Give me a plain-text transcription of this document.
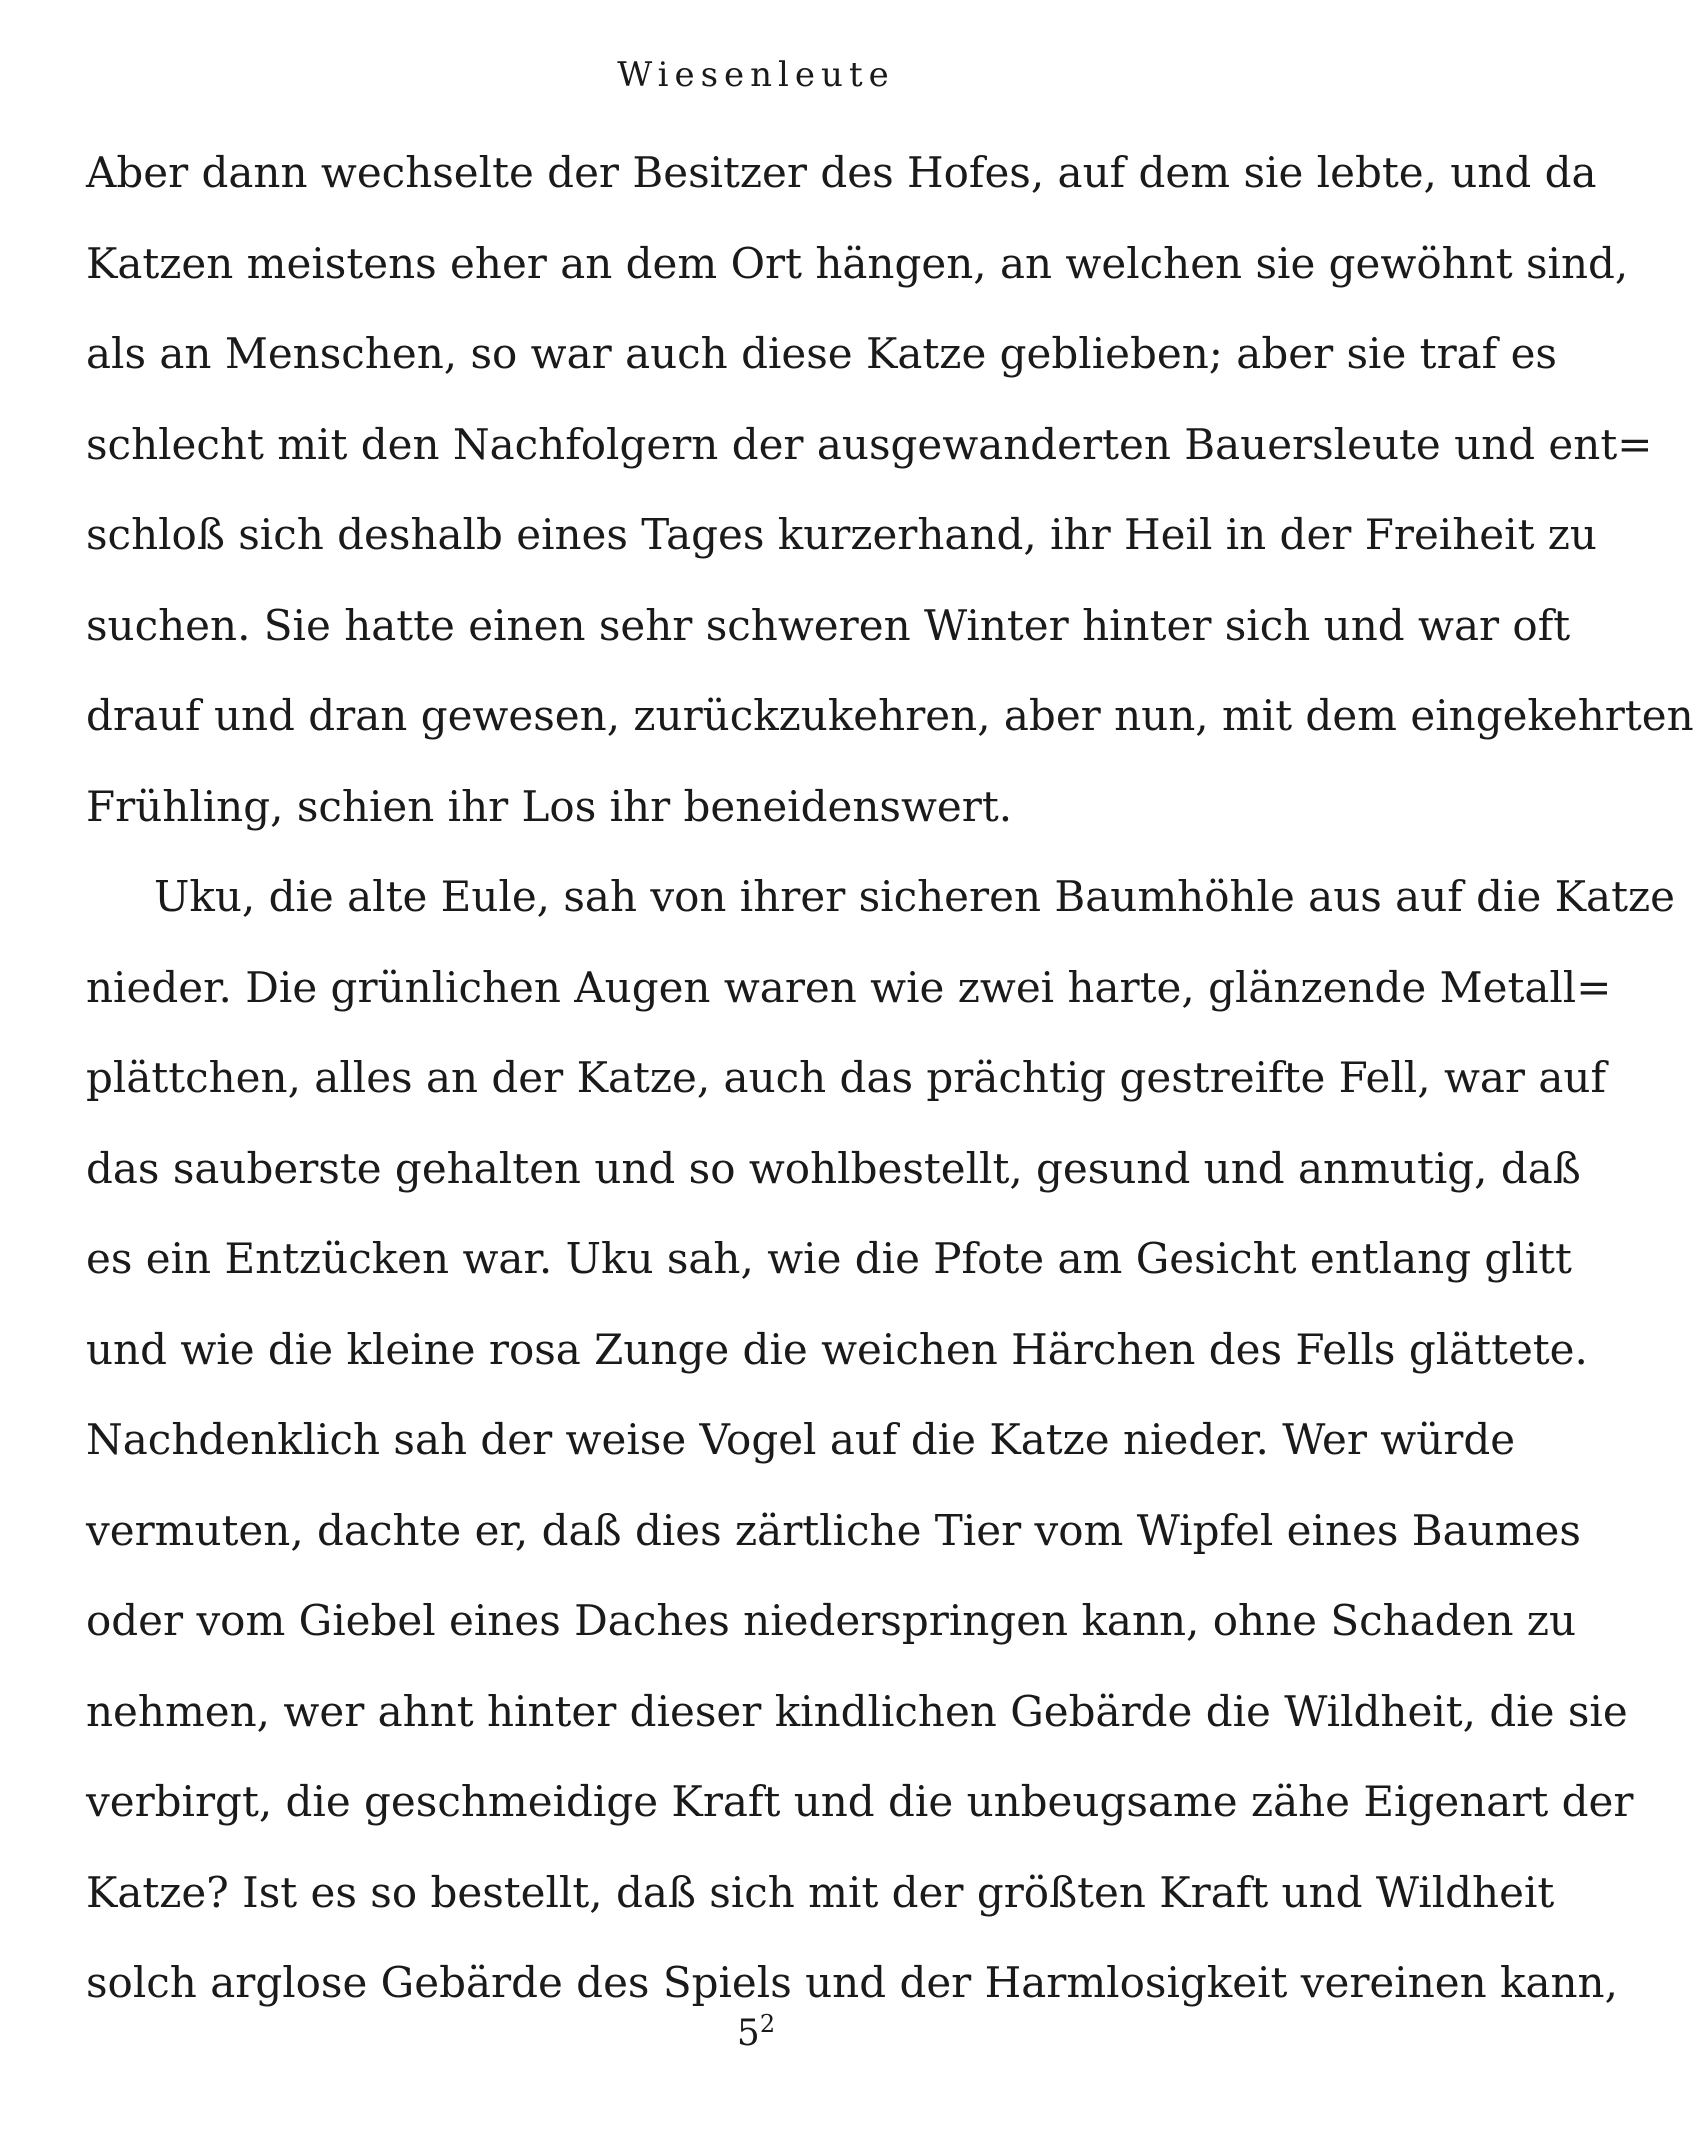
Wiesenleute
Aber dann wechselte der Besitzer des Hofes, auf dem sie lebte, und da
Katzen meistens eher an dem Ort hängen, an welchen sie gewöhnt sind,
als an Menschen, so war auch diese Katze geblieben; aber sie traf es
schlecht mit den Nachfolgern der ausgewanderten Bauersleute und ent=
schloß sich deshalb eines Tages kurzerhand, ihr Heil in der Freiheit zu
suchen. Sie hatte einen sehr schweren Winter hinter sich und war oft
drauf und dran gewesen, zurückzukehren, aber nun, mit dem eingekehrten
Frühling, schien ihr Los ihr beneidenswert.
Uku, die alte Eule, sah von ihrer sicheren Baumhöhle aus auf die Katze
nieder. Die grünlichen Augen waren wie zwei harte, glänzende Metall=
plättchen, alles an der Katze, auch das prächtig gestreifte Fell, war auf
das sauberste gehalten und so wohlbestellt, gesund und anmutig, daß
es ein Entzücken war. Uku sah, wie die Pfote am Gesicht entlang glitt
und wie die kleine rosa Zunge die weichen Härchen des Fells glättete.
Nachdenklich sah der weise Vogel auf die Katze nieder. Wer würde
vermuten, dachte er, daß dies zärtliche Tier vom Wipfel eines Baumes
oder vom Giebel eines Daches niederspringen kann, ohne Schaden zu
nehmen, wer ahnt hinter dieser kindlichen Gebärde die Wildheit, die sie
verbirgt, die geschmeidige Kraft und die unbeugsame zähe Eigenart der
Katze? Ist es so bestellt, daß sich mit der größten Kraft und Wildheit
solch arglose Gebärde des Spiels und der Harmlosigkeit vereinen kann,
$5^2$
